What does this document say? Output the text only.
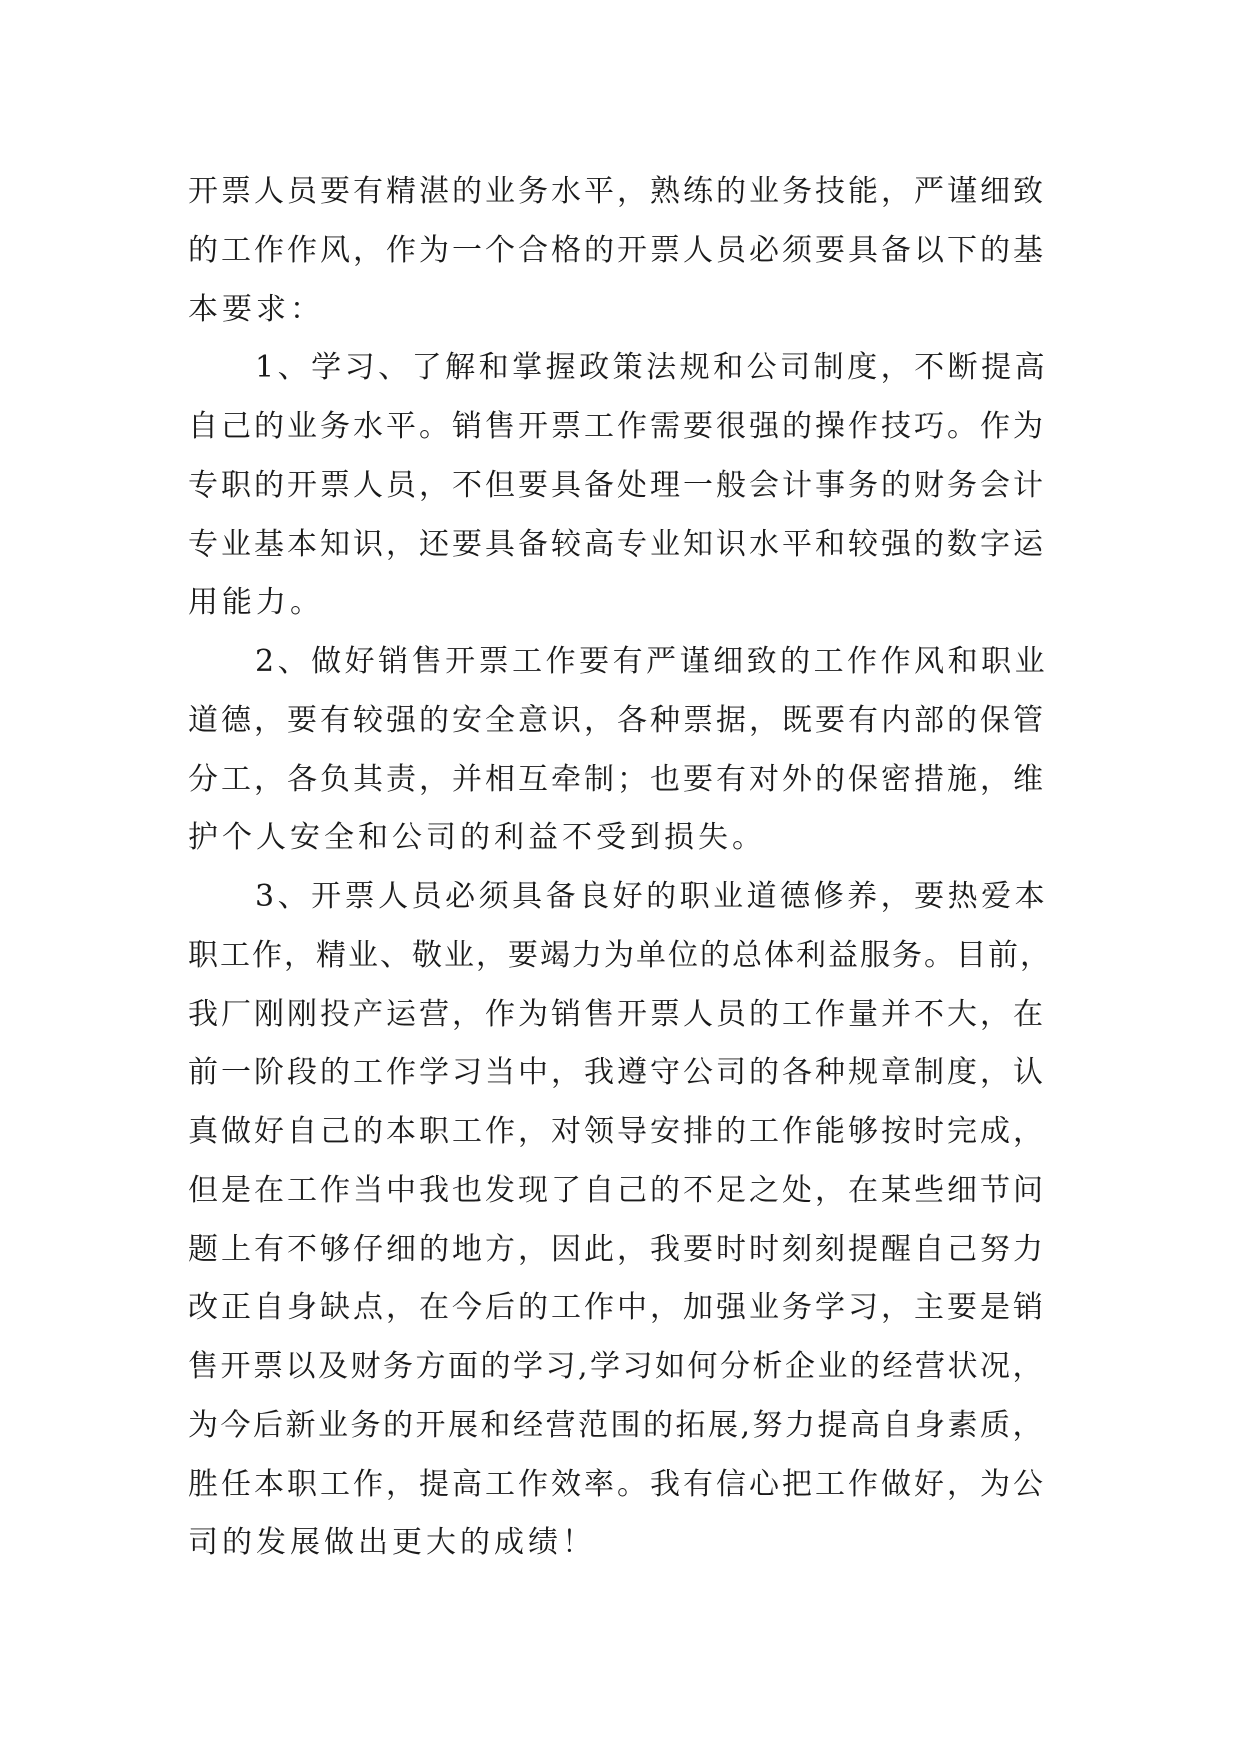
开票人员要有精湛的业务水平，熟练的业务技能，严谨细致
的工作作风，作为一个合格的开票人员必须要具备以下的基
本要求：
　　1、学习、了解和掌握政策法规和公司制度，不断提高
自己的业务水平。销售开票工作需要很强的操作技巧。作为
专职的开票人员，不但要具备处理一般会计事务的财务会计
专业基本知识，还要具备较高专业知识水平和较强的数字运
用能力。
　　2、做好销售开票工作要有严谨细致的工作作风和职业
道德，要有较强的安全意识，各种票据，既要有内部的保管
分工，各负其责，并相互牵制；也要有对外的保密措施，维
护个人安全和公司的利益不受到损失。
　　3、开票人员必须具备良好的职业道德修养，要热爱本
职工作，精业、敬业，要竭力为单位的总体利益服务。目前，
我厂刚刚投产运营，作为销售开票人员的工作量并不大，在
前一阶段的工作学习当中，我遵守公司的各种规章制度，认
真做好自己的本职工作，对领导安排的工作能够按时完成，
但是在工作当中我也发现了自己的不足之处，在某些细节问
题上有不够仔细的地方，因此，我要时时刻刻提醒自己努力
改正自身缺点，在今后的工作中，加强业务学习，主要是销
售开票以及财务方面的学习,学习如何分析企业的经营状况，
为今后新业务的开展和经营范围的拓展,努力提高自身素质，
胜任本职工作，提高工作效率。我有信心把工作做好，为公
司的发展做出更大的成绩！
